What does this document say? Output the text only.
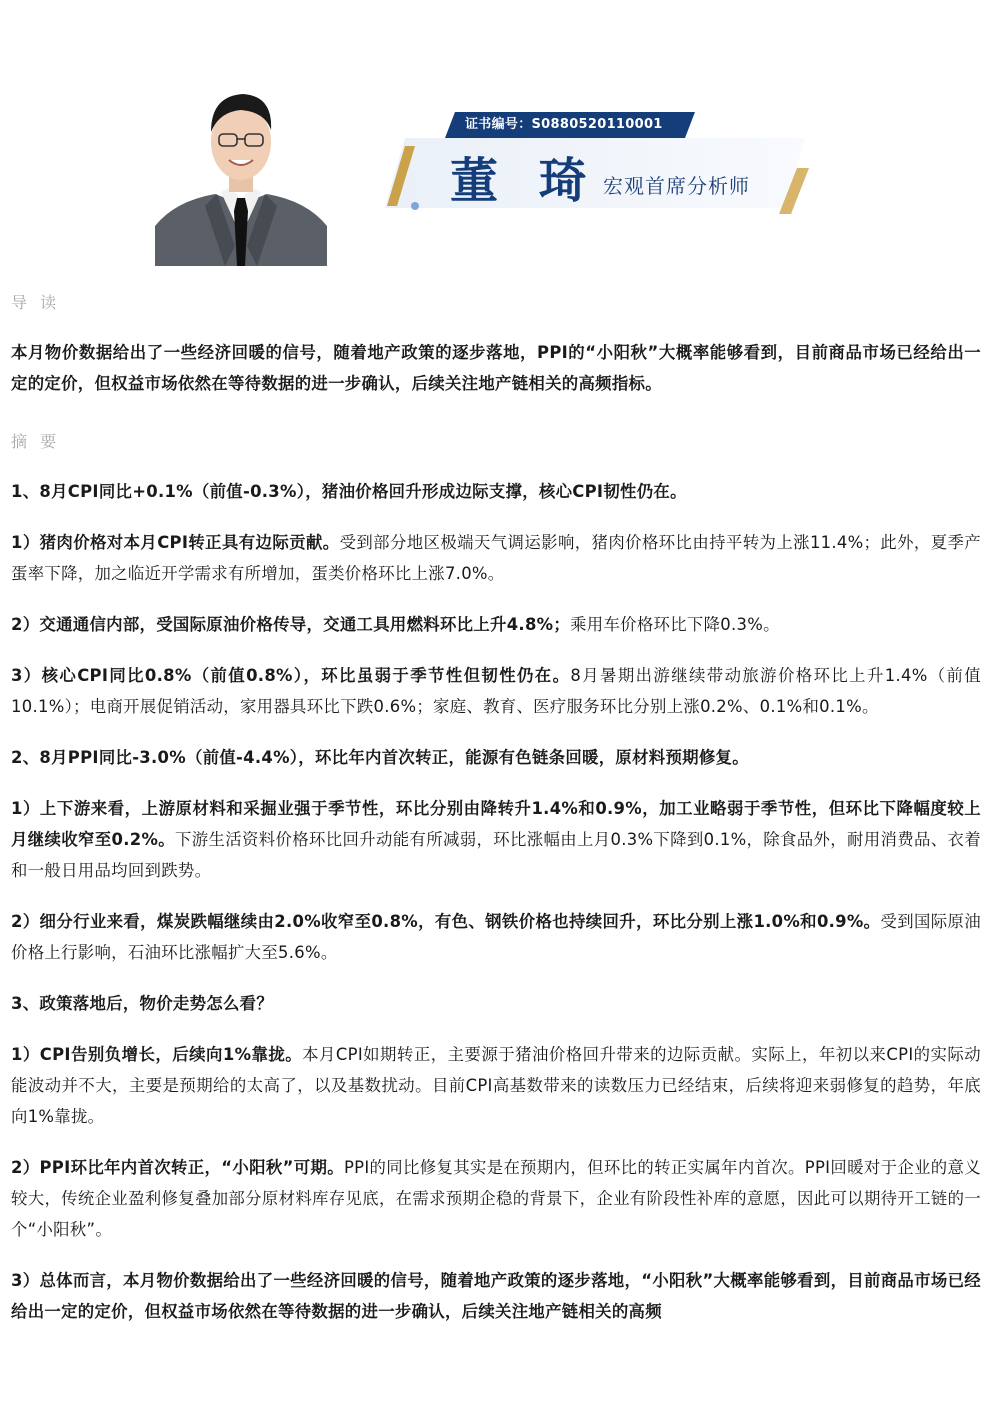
证书编号：S0880520110001
董 琦 宏观首席分析师
导 读

本月物价数据给出了一些经济回暖的信号，随着地产政策的逐步落地，PPI的“小阳秋”大概率能够看到，目前商品市场已经给出一定的定价，但权益市场依然在等待数据的进一步确认，后续关注地产链相关的高频指标。

摘 要

1、8月CPI同比+0.1%（前值-0.3%），猪油价格回升形成边际支撑，核心CPI韧性仍在。

1）猪肉价格对本月CPI转正具有边际贡献。受到部分地区极端天气调运影响，猪肉价格环比由持平转为上涨11.4%；此外，夏季产蛋率下降，加之临近开学需求有所增加，蛋类价格环比上涨7.0%。

2）交通通信内部，受国际原油价格传导，交通工具用燃料环比上升4.8%；乘用车价格环比下降0.3%。

3）核心CPI同比0.8%（前值0.8%），环比虽弱于季节性但韧性仍在。8月暑期出游继续带动旅游价格环比上升1.4%（前值10.1%）；电商开展促销活动，家用器具环比下跌0.6%；家庭、教育、医疗服务环比分别上涨0.2%、0.1%和0.1%。

2、8月PPI同比-3.0%（前值-4.4%），环比年内首次转正，能源有色链条回暖，原材料预期修复。

1）上下游来看，上游原材料和采掘业强于季节性，环比分别由降转升1.4%和0.9%，加工业略弱于季节性，但环比下降幅度较上月继续收窄至0.2%。下游生活资料价格环比回升动能有所减弱，环比涨幅由上月0.3%下降到0.1%，除食品外，耐用消费品、衣着和一般日用品均回到跌势。

2）细分行业来看，煤炭跌幅继续由2.0%收窄至0.8%，有色、钢铁价格也持续回升，环比分别上涨1.0%和0.9%。受到国际原油价格上行影响，石油环比涨幅扩大至5.6%。

3、政策落地后，物价走势怎么看？

1）CPI告别负增长，后续向1%靠拢。本月CPI如期转正，主要源于猪油价格回升带来的边际贡献。实际上，年初以来CPI的实际动能波动并不大，主要是预期给的太高了，以及基数扰动。目前CPI高基数带来的读数压力已经结束，后续将迎来弱修复的趋势，年底向1%靠拢。

2）PPI环比年内首次转正，“小阳秋”可期。PPI的同比修复其实是在预期内，但环比的转正实属年内首次。PPI回暖对于企业的意义较大，传统企业盈利修复叠加部分原材料库存见底，在需求预期企稳的背景下，企业有阶段性补库的意愿，因此可以期待开工链的一个“小阳秋”。

3）总体而言，本月物价数据给出了一些经济回暖的信号，随着地产政策的逐步落地，“小阳秋”大概率能够看到，目前商品市场已经给出一定的定价，但权益市场依然在等待数据的进一步确认，后续关注地产链相关的高频
